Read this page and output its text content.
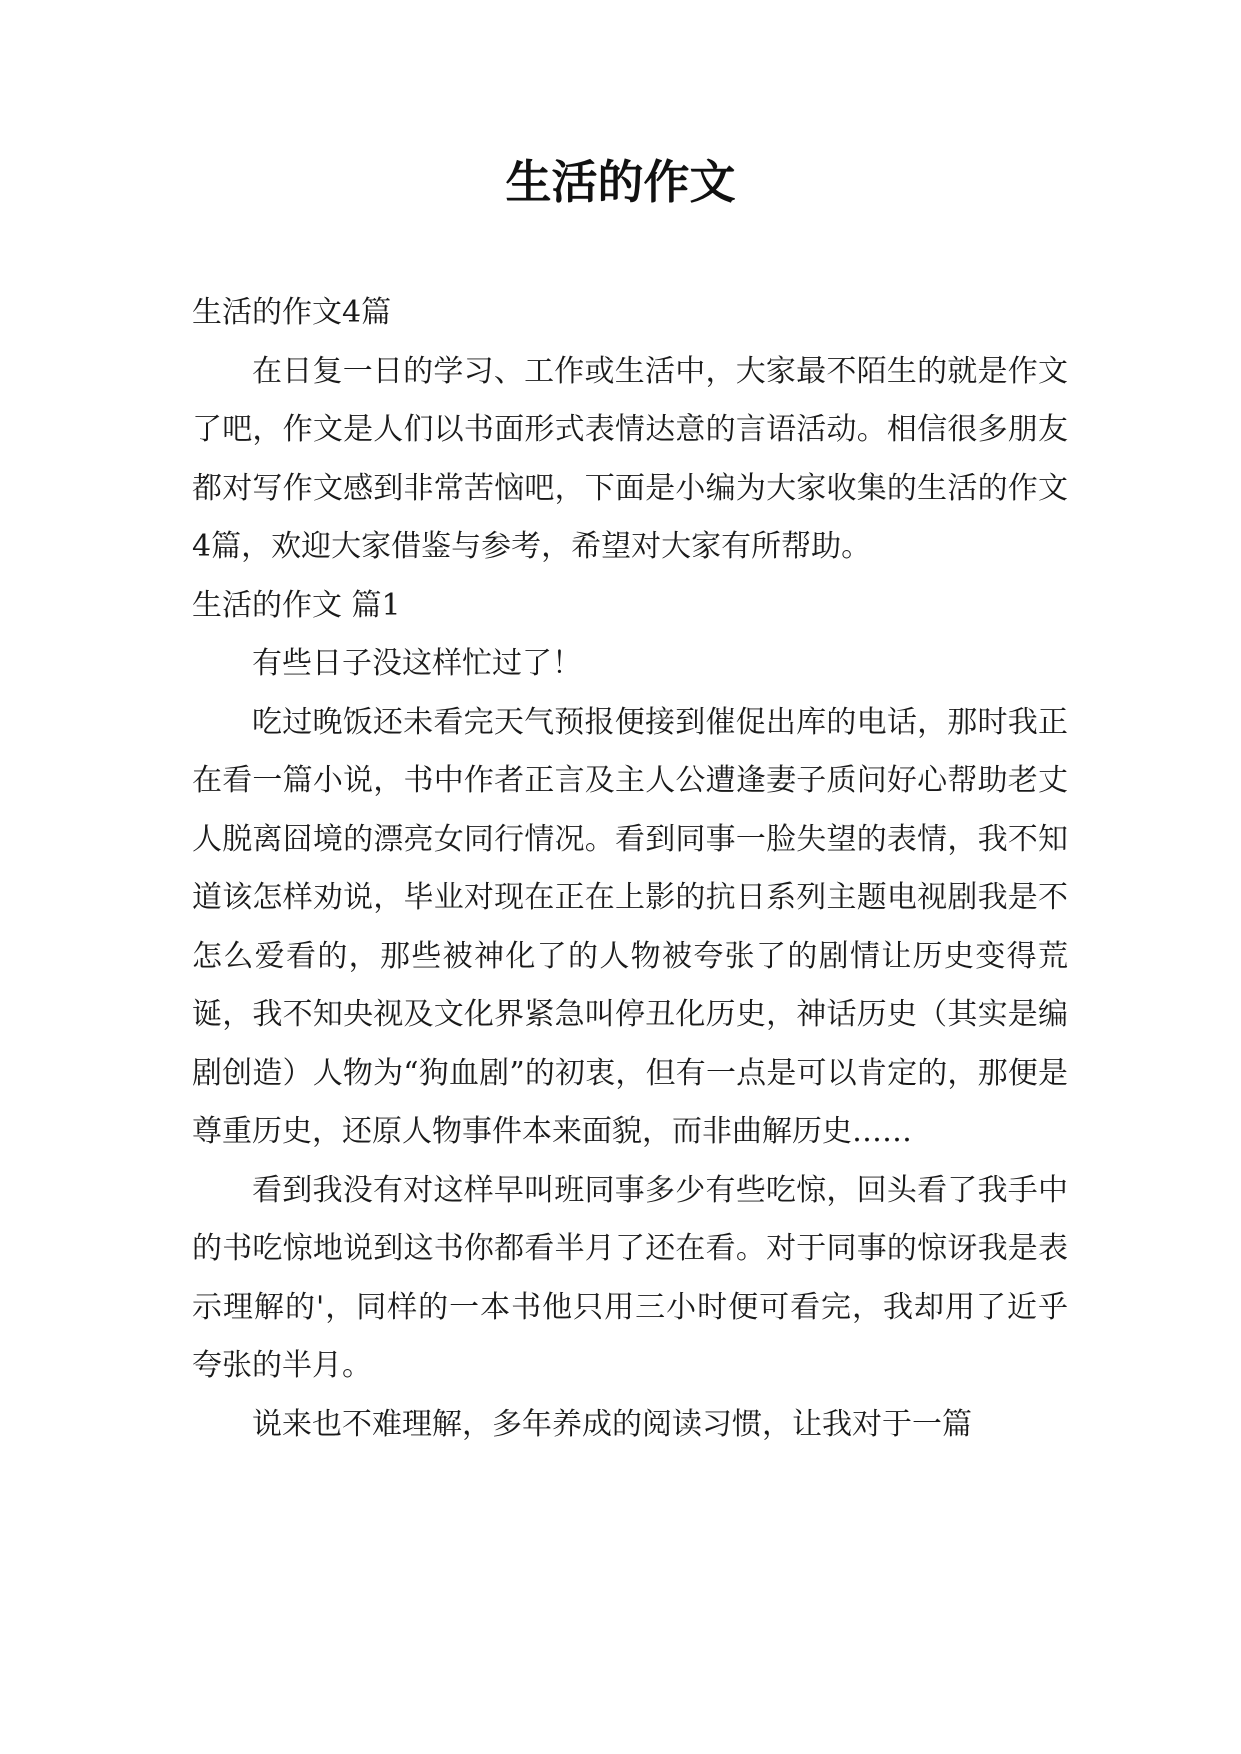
生活的作文

生活的作文4篇

在日复一日的学习、工作或生活中，大家最不陌生的就是作文了吧，作文是人们以书面形式表情达意的言语活动。相信很多朋友都对写作文感到非常苦恼吧，下面是小编为大家收集的生活的作文4篇，欢迎大家借鉴与参考，希望对大家有所帮助。

生活的作文 篇1

有些日子没这样忙过了！

吃过晚饭还未看完天气预报便接到催促出库的电话，那时我正在看一篇小说，书中作者正言及主人公遭逢妻子质问好心帮助老丈人脱离囧境的漂亮女同行情况。看到同事一脸失望的表情，我不知道该怎样劝说，毕业对现在正在上影的抗日系列主题电视剧我是不怎么爱看的，那些被神化了的人物被夸张了的剧情让历史变得荒诞，我不知央视及文化界紧急叫停丑化历史，神话历史（其实是编剧创造）人物为“狗血剧”的初衷，但有一点是可以肯定的，那便是尊重历史，还原人物事件本来面貌，而非曲解历史……

看到我没有对这样早叫班同事多少有些吃惊，回头看了我手中的书吃惊地说到这书你都看半月了还在看。对于同事的惊讶我是表示理解的'，同样的一本书他只用三小时便可看完，我却用了近乎夸张的半月。

说来也不难理解，多年养成的阅读习惯，让我对于一篇
